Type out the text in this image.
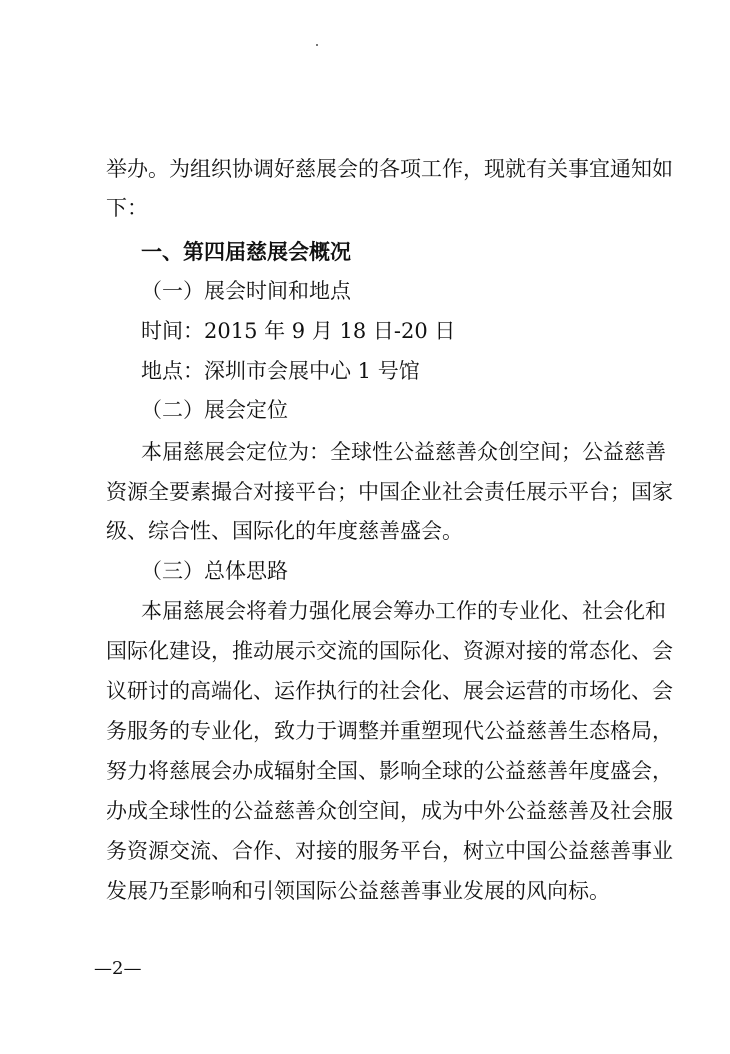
举办。为组织协调好慈展会的各项工作，现就有关事宜通知如
下：
一、第四届慈展会概况
（一）展会时间和地点
时间：2015 年 9 月 18 日-20 日
地点：深圳市会展中心 1 号馆
（二）展会定位
本届慈展会定位为：全球性公益慈善众创空间；公益慈善
资源全要素撮合对接平台；中国企业社会责任展示平台；国家
级、综合性、国际化的年度慈善盛会。
（三）总体思路
本届慈展会将着力强化展会筹办工作的专业化、社会化和
国际化建设，推动展示交流的国际化、资源对接的常态化、会
议研讨的高端化、运作执行的社会化、展会运营的市场化、会
务服务的专业化，致力于调整并重塑现代公益慈善生态格局，
努力将慈展会办成辐射全国、影响全球的公益慈善年度盛会，
办成全球性的公益慈善众创空间，成为中外公益慈善及社会服
务资源交流、合作、对接的服务平台，树立中国公益慈善事业
发展乃至影响和引领国际公益慈善事业发展的风向标。
—2—
